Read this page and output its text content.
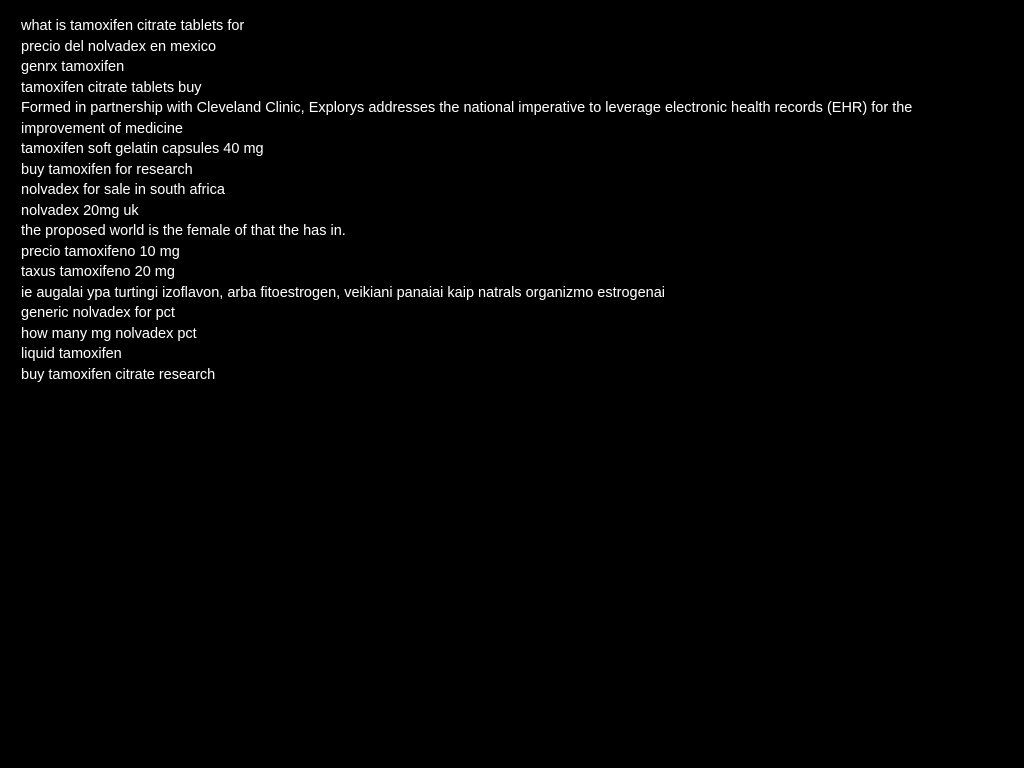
what is tamoxifen citrate tablets for
precio del nolvadex en mexico
genrx tamoxifen
tamoxifen citrate tablets buy
Formed in partnership with Cleveland Clinic, Explorys addresses the national imperative to leverage electronic health records (EHR) for the improvement of medicine
tamoxifen soft gelatin capsules 40 mg
buy tamoxifen for research
nolvadex for sale in south africa
nolvadex 20mg uk
the proposed world is the female of that the has in.
precio tamoxifeno 10 mg
taxus tamoxifeno 20 mg
ie augalai ypa turtingi izoflavon, arba fitoestrogen, veikiani panaiai kaip natrals organizmo estrogenai
generic nolvadex for pct
how many mg nolvadex pct
liquid tamoxifen
buy tamoxifen citrate research
